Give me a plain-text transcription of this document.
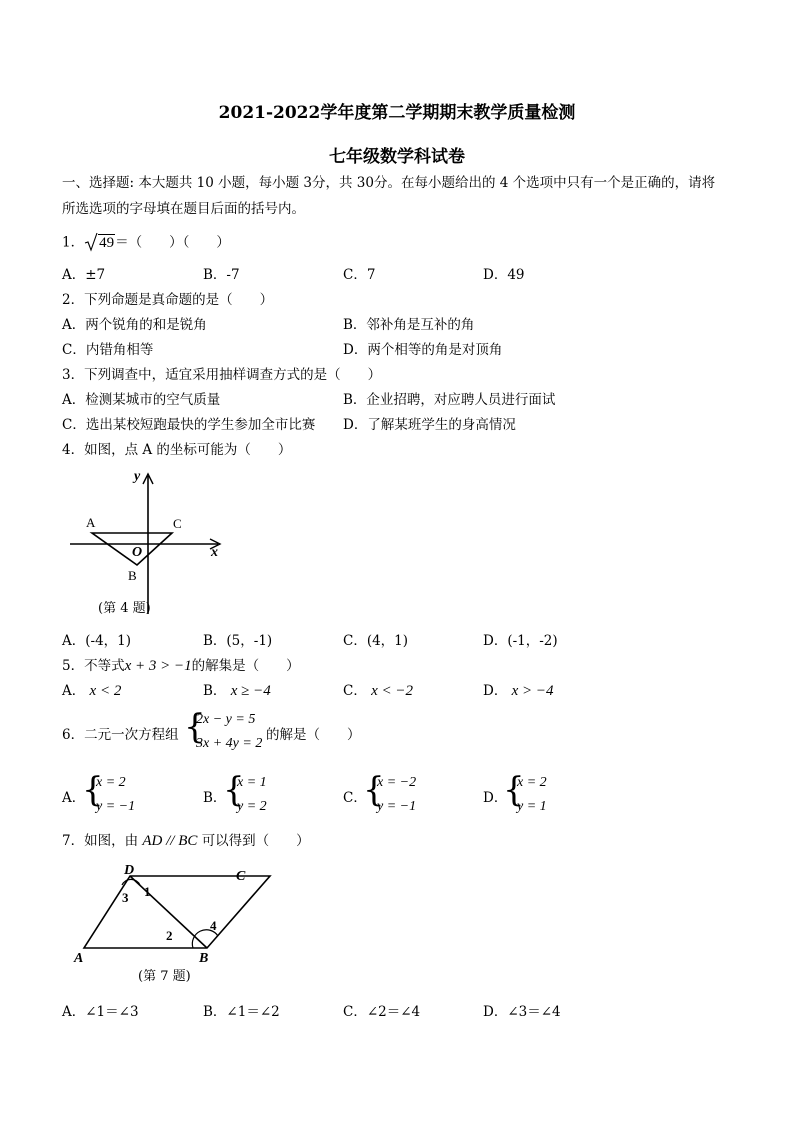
2021-2022学年度第二学期期末教学质量检测
七年级数学科试卷
一、选择题: 本大题共 10 小题，每小题 3分，共 30分。在每小题给出的 4 个选项中只有一个是正确的，请将
所选选项的字母填在题目后面的括号内。
1． 49＝（　　）（　　）
A．±7	B．-7	C．7	D．49
2．下列命题是真命题的是（　　）
A．两个锐角的和是锐角	B．邻补角是互补的角
C．内错角相等	D．两个相等的角是对顶角
3．下列调查中，适宜采用抽样调查方式的是（　　）
A．检测某城市的空气质量	B．企业招聘，对应聘人员进行面试
C．选出某校短跑最快的学生参加全市比赛 D．了解某班学生的身高情况
4．如图，点 A 的坐标可能为（　　）
y
x
A	C
O
B
(第 4 题)
A．(-4，1)	B．(5，-1)	C．(4，1)	D．(-1，-2)
5．不等式x + 3 > −1的解集是（　　）
A． x < 2	B． x ≥ −4	C． x < −2	D． x > −4
6．二元一次方程组 {
2x − y = 5
3x + 4y = 2
的解是（　　）
A．
{
x = 2
y = −1
B．
{
x = 1
y = 2
C．
{
x = −2
y = −1
D．
{
x = 2
y = 1
7．如图，由 AD // BC 可以得到（　　）
D	C
A	B
1
2
3
4
(第 7 题)
A．∠1＝∠3	B．∠1＝∠2	C．∠2＝∠4	D．∠3＝∠4
